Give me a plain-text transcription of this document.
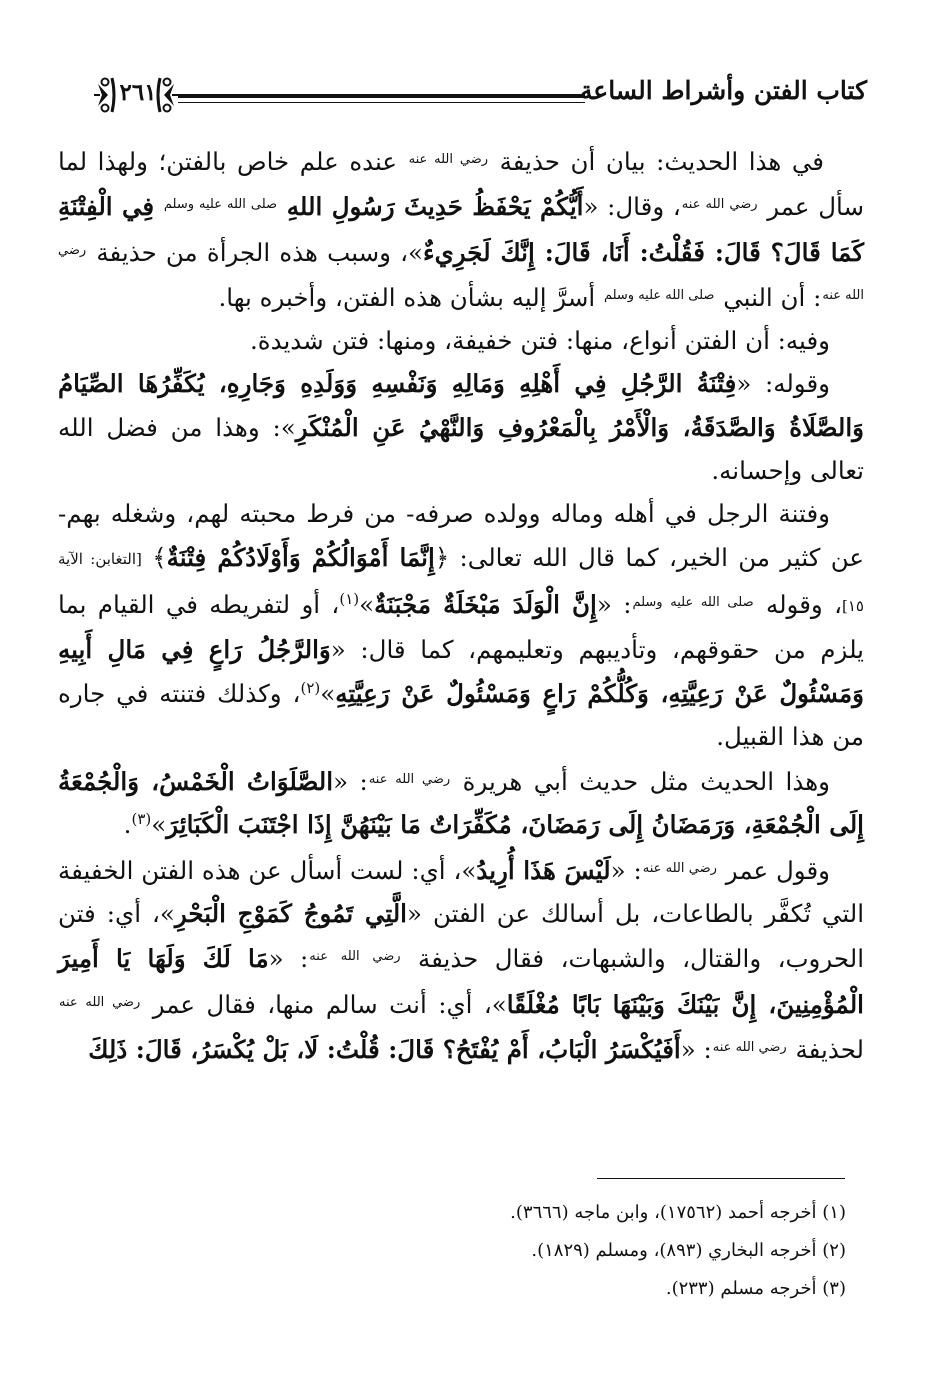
كتاب الفتن وأشراط الساعة
٢٦١

في هذا الحديث: بيان أن حذيفة $^{رضي الله عنه}$ عنده علم خاص بالفتن؛ ولهذا لما سأل عمر $^{رضي الله عنه}$، وقال: «أَيُّكُمْ يَحْفَظُ حَدِيثَ رَسُولِ اللهِ $^{صلى الله عليه وسلم}$ فِي الْفِتْنَةِ كَمَا قَالَ؟ قَالَ: فَقُلْتُ: أَنَا، قَالَ: إِنَّكَ لَجَرِيءٌ»، وسبب هذه الجرأة من حذيفة $^{رضي الله عنه}$: أن النبي $^{صلى الله عليه وسلم}$ أسرَّ إليه بشأن هذه الفتن، وأخبره بها.

وفيه: أن الفتن أنواع، منها: فتن خفيفة، ومنها: فتن شديدة.

وقوله: «فِتْنَةُ الرَّجُلِ فِي أَهْلِهِ وَمَالِهِ وَنَفْسِهِ وَوَلَدِهِ وَجَارِهِ، يُكَفِّرُهَا الصِّيَامُ وَالصَّلَاةُ وَالصَّدَقَةُ، وَالْأَمْرُ بِالْمَعْرُوفِ وَالنَّهْيُ عَنِ الْمُنْكَرِ»: وهذا من فضل الله تعالى وإحسانه.

وفتنة الرجل في أهله وماله وولده صرفه- من فرط محبته لهم، وشغله بهم- عن كثير من الخير، كما قال الله تعالى: ﴿إِنَّمَا أَمْوَالُكُمْ وَأَوْلَادُكُمْ فِتْنَةٌ﴾ [التغابن: الآية ١٥]، وقوله $^{صلى الله عليه وسلم}$: «إِنَّ الْوَلَدَ مَبْخَلَةٌ مَجْبَنَةٌ»$^{(١)}$، أو لتفريطه في القيام بما يلزم من حقوقهم، وتأديبهم وتعليمهم، كما قال: «وَالرَّجُلُ رَاعٍ فِي مَالِ أَبِيهِ وَمَسْئُولٌ عَنْ رَعِيَّتِهِ، وَكُلُّكُمْ رَاعٍ وَمَسْئُولٌ عَنْ رَعِيَّتِهِ»$^{(٢)}$، وكذلك فتنته في جاره من هذا القبيل.

وهذا الحديث مثل حديث أبي هريرة $^{رضي الله عنه}$: «الصَّلَوَاتُ الْخَمْسُ، وَالْجُمْعَةُ إِلَى الْجُمْعَةِ، وَرَمَضَانُ إِلَى رَمَضَانَ، مُكَفِّرَاتٌ مَا بَيْنَهُنَّ إِذَا اجْتَنَبَ الْكَبَائِرَ»$^{(٣)}$.

وقول عمر $^{رضي الله عنه}$: «لَيْسَ هَذَا أُرِيدُ»، أي: لست أسأل عن هذه الفتن الخفيفة التي تُكفَّر بالطاعات، بل أسالك عن الفتن «الَّتِي تَمُوجُ كَمَوْجِ الْبَحْرِ»، أي: فتن الحروب، والقتال، والشبهات، فقال حذيفة $^{رضي الله عنه}$: «مَا لَكَ وَلَهَا يَا أَمِيرَ الْمُؤْمِنِينَ، إِنَّ بَيْنَكَ وَبَيْنَهَا بَابًا مُغْلَقًا»، أي: أنت سالم منها، فقال عمر $^{رضي الله عنه}$ لحذيفة $^{رضي الله عنه}$: «أَفَيُكْسَرُ الْبَابُ، أَمْ يُفْتَحُ؟ قَالَ: قُلْتُ: لَا، بَلْ يُكْسَرُ، قَالَ: ذَلِكَ

(١) أخرجه أحمد (١٧٥٦٢)، وابن ماجه (٣٦٦٦).

(٢) أخرجه البخاري (٨٩٣)، ومسلم (١٨٢٩).

(٣) أخرجه مسلم (٢٣٣).
